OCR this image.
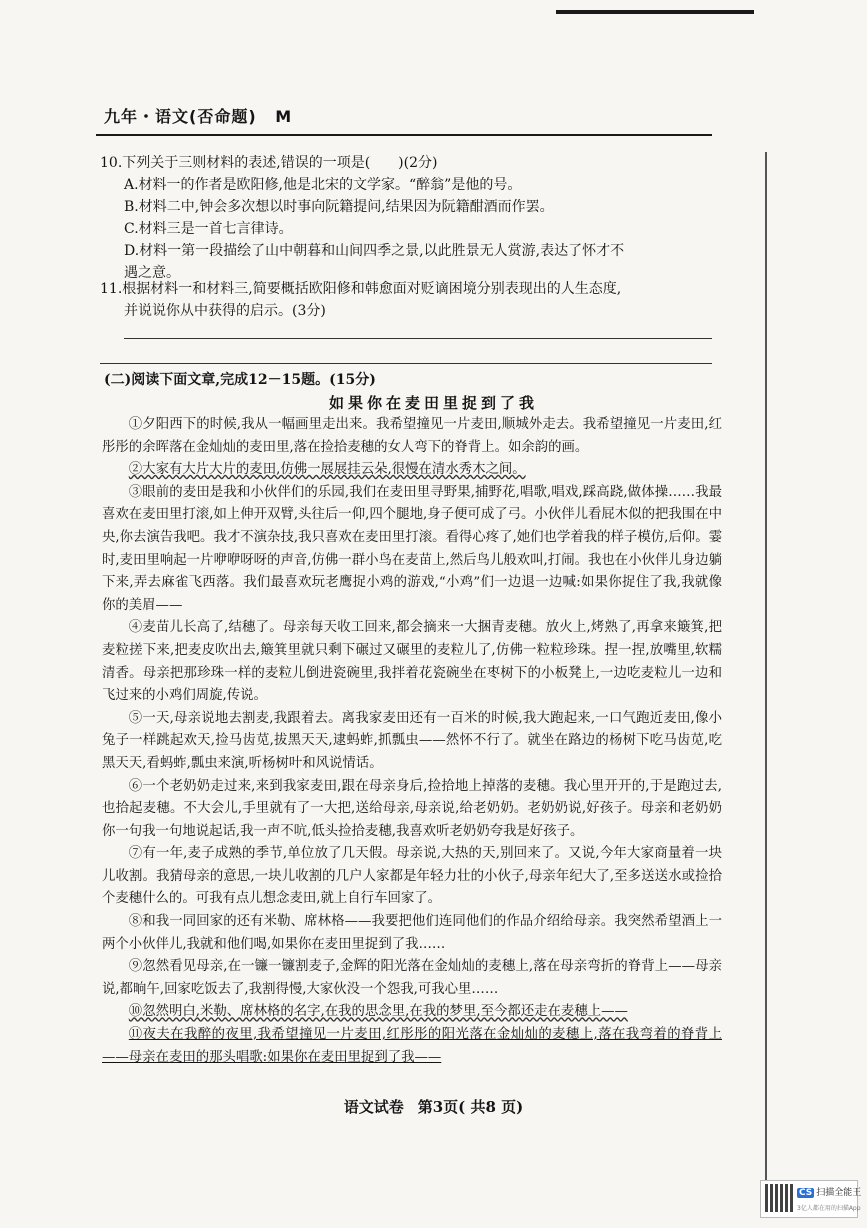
九年・语文(否命题) M

10.下列关于三则材料的表述,错误的一项是(　　)(2分)

A.材料一的作者是欧阳修,他是北宋的文学家。“醉翁”是他的号。

B.材料二中,钟会多次想以时事向阮籍提问,结果因为阮籍酣酒而作罢。

C.材料三是一首七言律诗。

D.材料一第一段描绘了山中朝暮和山间四季之景,以此胜景无人赏游,表达了怀才不

遇之意。

11.根据材料一和材料三,简要概括欧阳修和韩愈面对贬谪困境分别表现出的人生态度,

并说说你从中获得的启示。(3分)

(二)阅读下面文章,完成12－15题。(15分)
如果你在麦田里捉到了我

①夕阳西下的时候,我从一幅画里走出来。我希望撞见一片麦田,顺城外走去。我希望撞见一片麦田,红彤彤的余晖落在金灿灿的麦田里,落在捡拾麦穗的女人弯下的脊背上。如余韵的画。

②大家有大片大片的麦田,仿佛一展展挂云朵,很慢在清水秀木之间。

③眼前的麦田是我和小伙伴们的乐园,我们在麦田里寻野果,捕野花,唱歌,唱戏,踩高跷,做体操……我最喜欢在麦田里打滚,如上伸开双臂,头往后一仰,四个腿地,身子便可成了弓。小伙伴儿看屁木似的把我围在中央,你去演告我吧。我才不演杂技,我只喜欢在麦田里打滚。看得心疼了,她们也学着我的样子模仿,后仰。霎时,麦田里响起一片咿咿呀呀的声音,仿佛一群小鸟在麦苗上,然后鸟儿般欢叫,打闹。我也在小伙伴儿身边躺下来,弄去麻雀飞西落。我们最喜欢玩老鹰捉小鸡的游戏,“小鸡”们一边退一边喊:如果你捉住了我,我就像你的美眉——

④麦苗儿长高了,结穗了。母亲每天收工回来,都会摘来一大捆青麦穗。放火上,烤熟了,再拿来簸箕,把麦粒搓下来,把麦皮吹出去,簸箕里就只剩下碾过又碾里的麦粒儿了,仿佛一粒粒珍珠。捏一捏,放嘴里,软糯清香。母亲把那珍珠一样的麦粒儿倒进瓷碗里,我拌着花瓷碗坐在枣树下的小板凳上,一边吃麦粒儿一边和飞过来的小鸡们周旋,传说。

⑤一天,母亲说地去割麦,我跟着去。离我家麦田还有一百米的时候,我大跑起来,一口气跑近麦田,像小兔子一样跳起欢天,捡马齿苋,拔黑天天,逮蚂蚱,抓瓢虫——然怀不行了。就坐在路边的杨树下吃马齿苋,吃黑天天,看蚂蚱,瓢虫来演,听杨树叶和风说情话。

⑥一个老奶奶走过来,来到我家麦田,跟在母亲身后,捡拾地上掉落的麦穗。我心里开开的,于是跑过去,也拾起麦穗。不大会儿,手里就有了一大把,送给母亲,母亲说,给老奶奶。老奶奶说,好孩子。母亲和老奶奶你一句我一句地说起话,我一声不吭,低头捡拾麦穗,我喜欢听老奶奶夸我是好孩子。

⑦有一年,麦子成熟的季节,单位放了几天假。母亲说,大热的天,别回来了。又说,今年大家商量着一块儿收割。我猜母亲的意思,一块儿收割的几户人家都是年轻力壮的小伙子,母亲年纪大了,至多送送水或捡拾个麦穗什么的。可我有点儿想念麦田,就上自行车回家了。

⑧和我一同回家的还有米勒、席林格——我要把他们连同他们的作品介绍给母亲。我突然希望酒上一两个小伙伴儿,我就和他们喝,如果你在麦田里捉到了我……

⑨忽然看见母亲,在一镰一镰割麦子,金辉的阳光落在金灿灿的麦穗上,落在母亲弯折的脊背上——母亲说,都晌午,回家吃饭去了,我割得慢,大家伙没一个怨我,可我心里……

⑩忽然明白,米勒、席林格的名字,在我的思念里,在我的梦里,至今都还走在麦穗上——

⑪夜夫在我醉的夜里,我希望撞见一片麦田,红彤彤的阳光落在金灿灿的麦穗上,落在我弯着的脊背上——母亲在麦田的那头唱歌:如果你在麦田里捉到了我——

语文试卷 第3页( 共8 页)
CS 扫描全能王
3亿人都在用的扫描App
